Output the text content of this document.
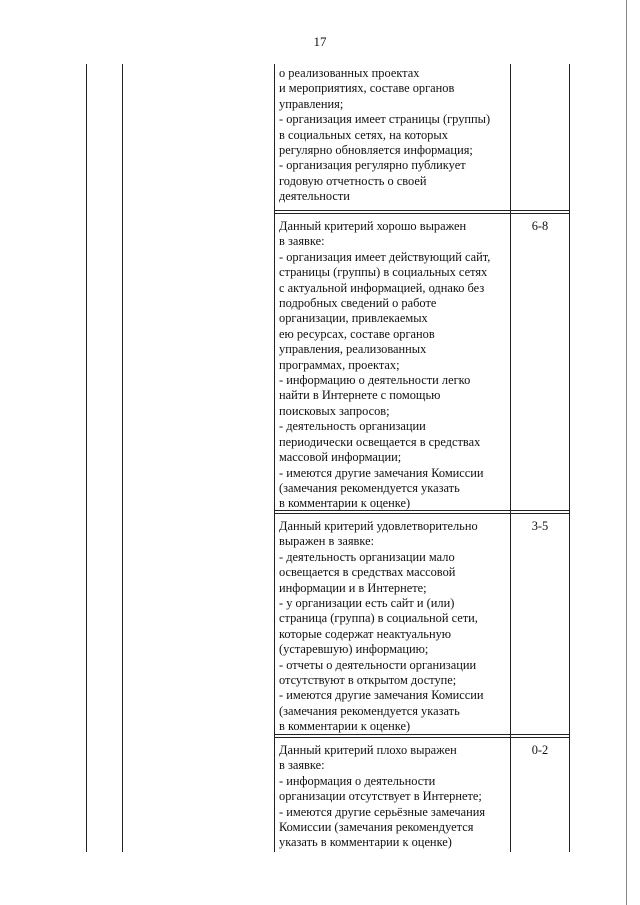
17
о реализованных проектах
и мероприятиях, составе органов
управления;
- организация имеет страницы (группы)
в социальных сетях, на которых
регулярно обновляется информация;
- организация регулярно публикует
годовую отчетность о своей
деятельности
Данный критерий хорошо выражен
в заявке:
- организация имеет действующий сайт,
страницы (группы) в социальных сетях
с актуальной информацией, однако без
подробных сведений о работе
организации, привлекаемых
ею ресурсах, составе органов
управления, реализованных
программах, проектах;
- информацию о деятельности легко
найти в Интернете с помощью
поисковых запросов;
- деятельность организации
периодически освещается в средствах
массовой информации;
- имеются другие замечания Комиссии
(замечания рекомендуется указать
в комментарии к оценке)
6-8
Данный критерий удовлетворительно
выражен в заявке:
- деятельность организации мало
освещается в средствах массовой
информации и в Интернете;
- у организации есть сайт и (или)
страница (группа) в социальной сети,
которые содержат неактуальную
(устаревшую) информацию;
- отчеты о деятельности организации
отсутствуют в открытом доступе;
- имеются другие замечания Комиссии
(замечания рекомендуется указать
в комментарии к оценке)
3-5
Данный критерий плохо выражен
в заявке:
- информация о деятельности
организации отсутствует в Интернете;
- имеются другие серьёзные замечания
Комиссии (замечания рекомендуется
указать в комментарии к оценке)
0-2
